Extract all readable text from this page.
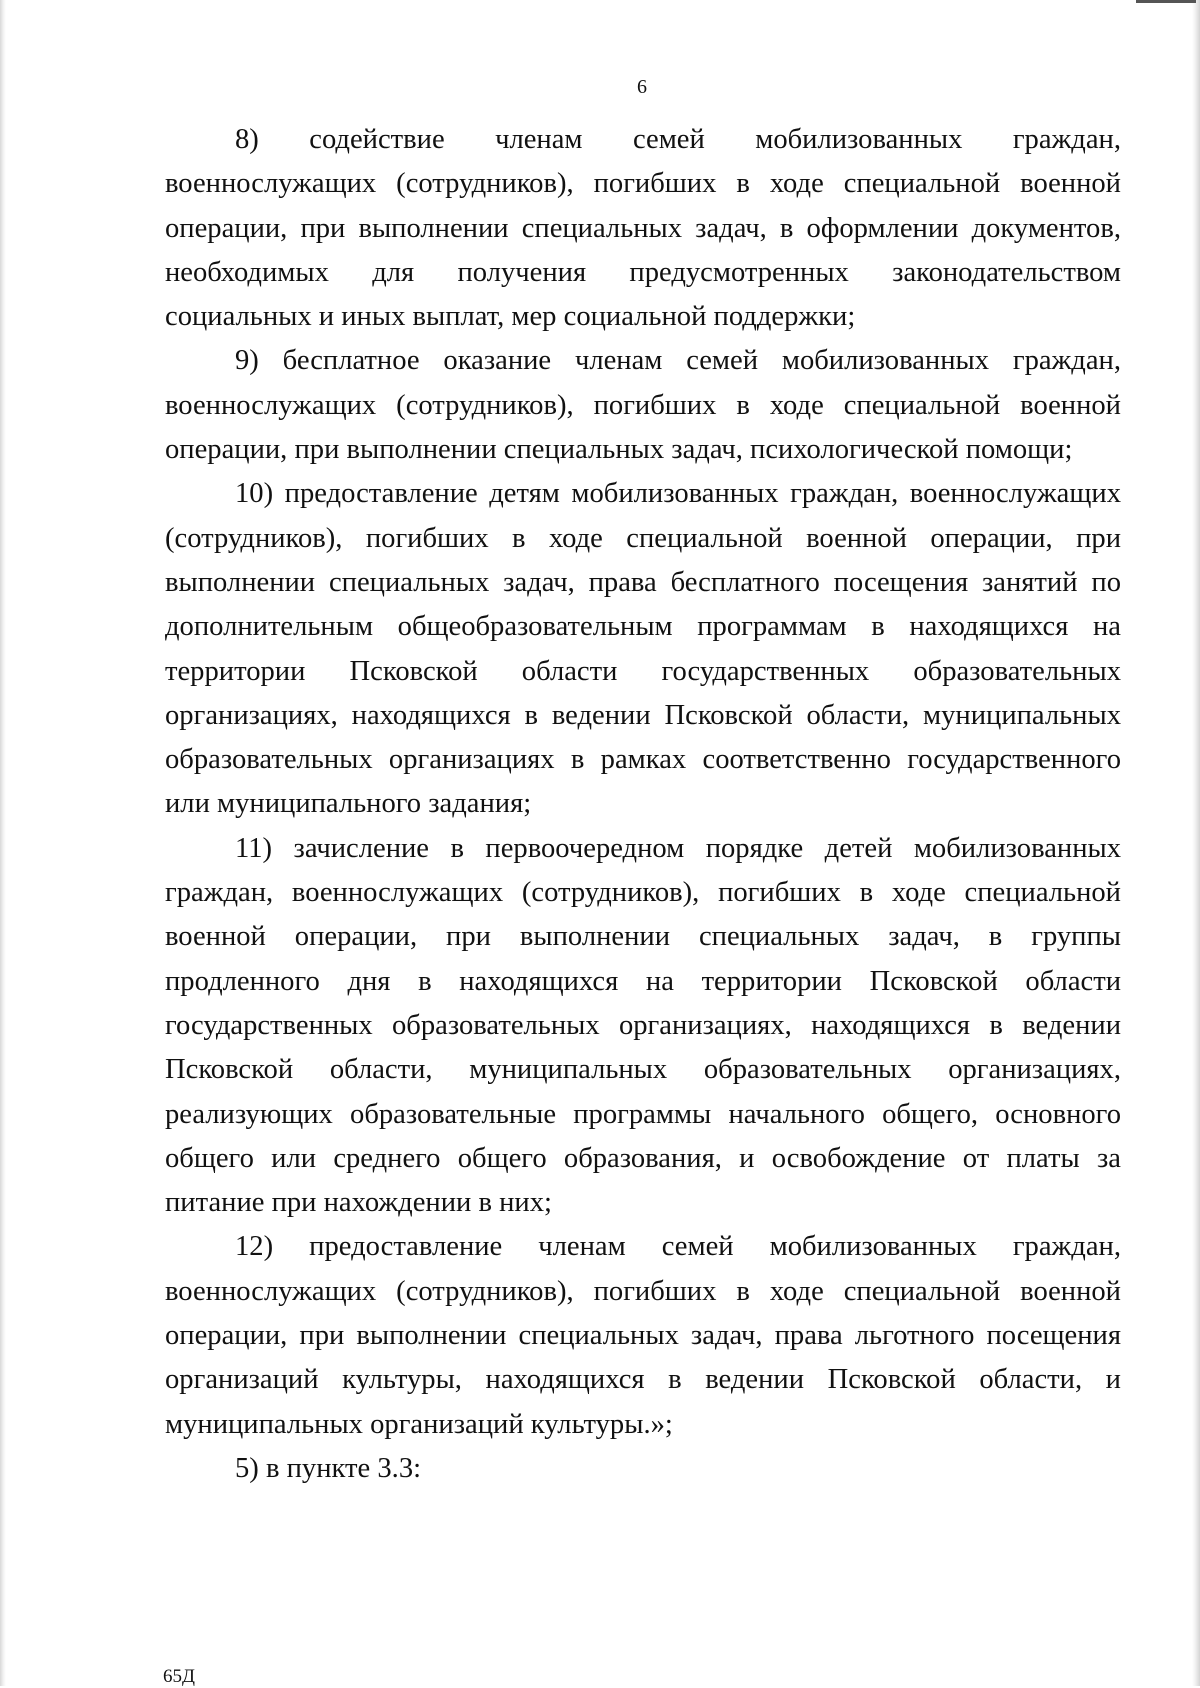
6

8) содействие членам семей мобилизованных граждан, военнослужащих (сотрудников), погибших в ходе специальной военной операции, при выполнении специальных задач, в оформлении документов, необходимых для получения предусмотренных законодательством социальных и иных выплат, мер социальной поддержки;

9) бесплатное оказание членам семей мобилизованных граждан, военнослужащих (сотрудников), погибших в ходе специальной военной операции, при выполнении специальных задач, психологической помощи;

10) предоставление детям мобилизованных граждан, военнослужащих (сотрудников), погибших в ходе специальной военной операции, при выполнении специальных задач, права бесплатного посещения занятий по дополнительным общеобразовательным программам в находящихся на территории Псковской области государственных образовательных организациях, находящихся в ведении Псковской области, муниципальных образовательных организациях в рамках соответственно государственного или муниципального задания;

11) зачисление в первоочередном порядке детей мобилизованных граждан, военнослужащих (сотрудников), погибших в ходе специальной военной операции, при выполнении специальных задач, в группы продленного дня в находящихся на территории Псковской области государственных образовательных организациях, находящихся в ведении Псковской области, муниципальных образовательных организациях, реализующих образовательные программы начального общего, основного общего или среднего общего образования, и освобождение от платы за питание при нахождении в них;

12) предоставление членам семей мобилизованных граждан, военнослужащих (сотрудников), погибших в ходе специальной военной операции, при выполнении специальных задач, права льготного посещения организаций культуры, находящихся в ведении Псковской области, и муниципальных организаций культуры.»;

5) в пункте 3.3:

65Д
